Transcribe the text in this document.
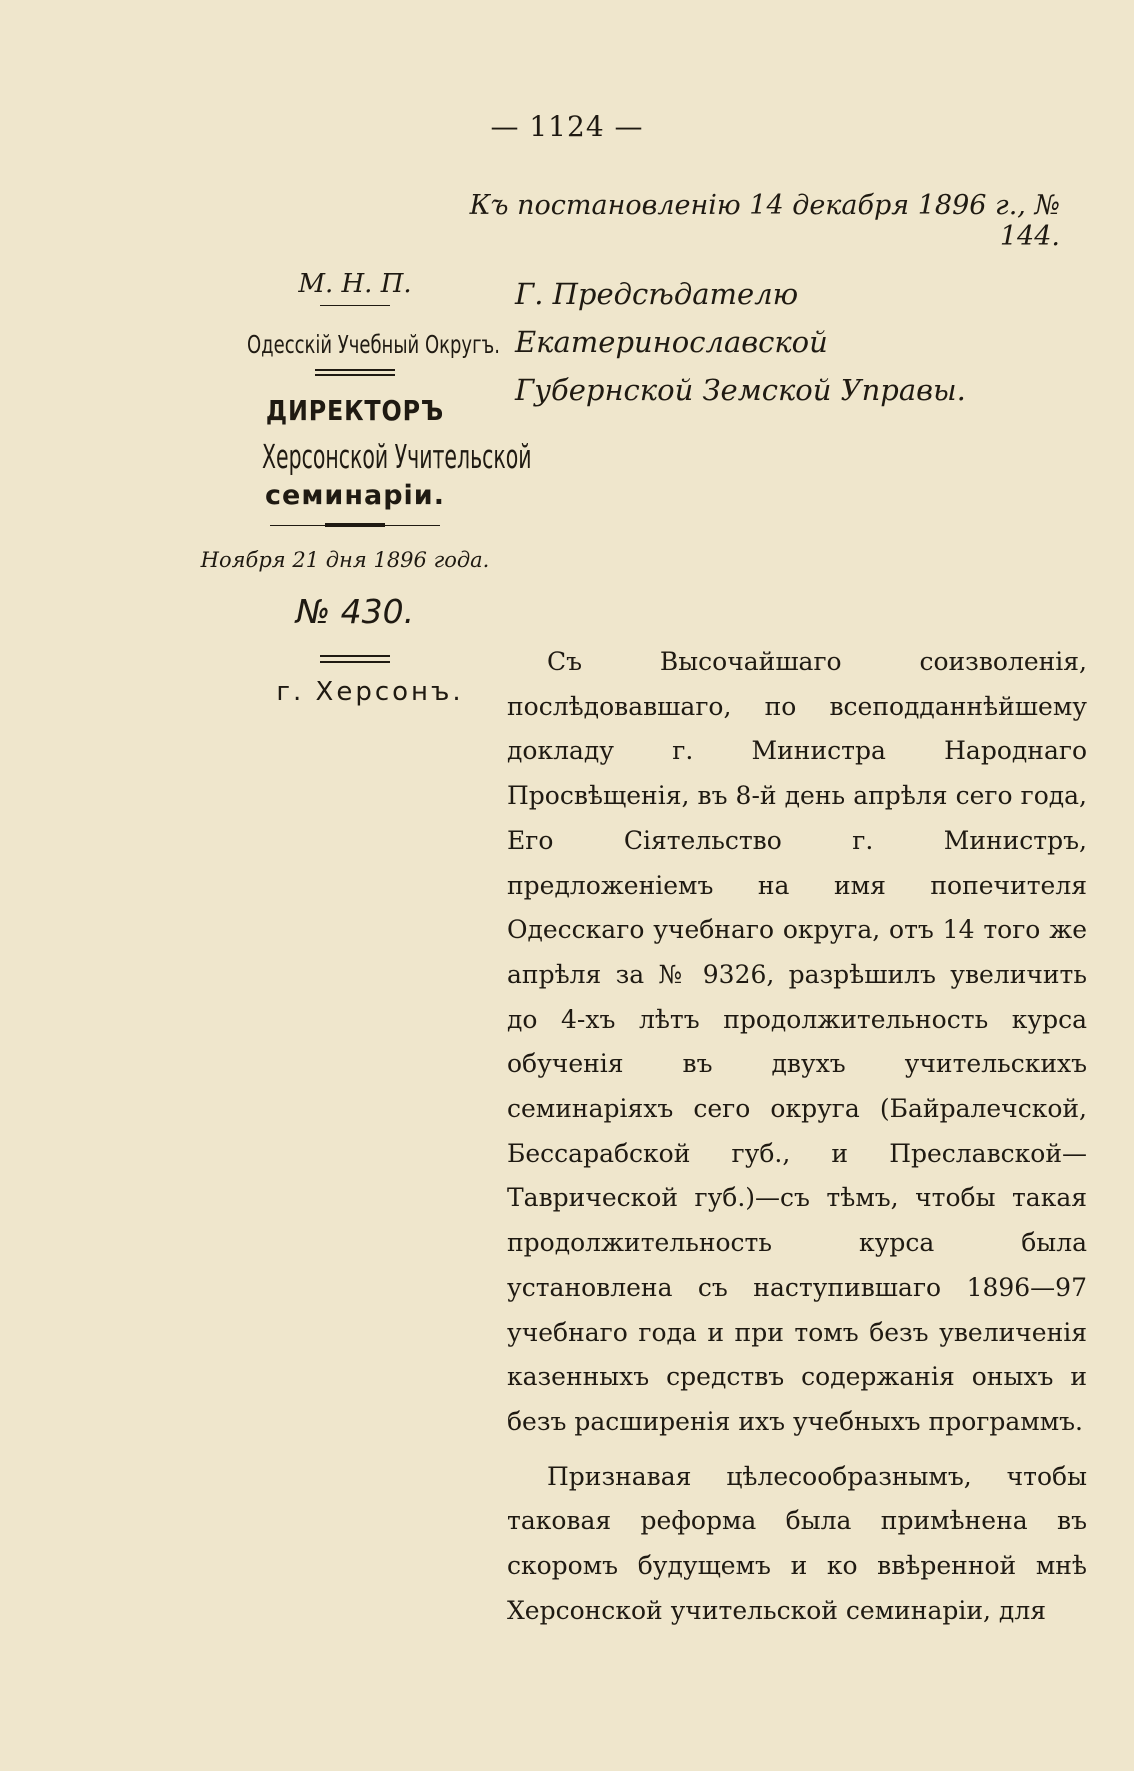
— 1124 —
Къ постановленію 14 декабря 1896 г., № 144.
М. Н. П.
Одесскій Учебный Округъ.
ДИРЕКТОРЪ
Херсонской Учительской
семинаріи.
Ноября 21 дня 1896 года.
№ 430.
г. Херсонъ.
Г. Предсѣдателю Екатеринославской
Губернской Земской Управы.

Съ Высочайшаго соизволенія, послѣдовавшаго, по всеподданнѣйшему докладу г. Министра Народнаго Просвѣщенія, въ 8-й день апрѣля сего года, Его Сіятельство г. Министръ, предложеніемъ на имя попечителя Одесскаго учебнаго округа, отъ 14 того же апрѣля за № 9326, разрѣшилъ увеличить до 4-хъ лѣтъ продолжительность курса обученія въ двухъ учительскихъ семинаріяхъ сего округа (Байралечской, Бессарабской губ., и Преславской—Таврической губ.)—съ тѣмъ, чтобы такая продолжительность курса была установлена съ наступившаго 1896—97 учебнаго года и при томъ безъ увеличенія казенныхъ средствъ содержанія оныхъ и безъ расширенія ихъ учебныхъ программъ.

Признавая цѣлесообразнымъ, чтобы таковая реформа была примѣнена въ скоромъ будущемъ и ко ввѣренной мнѣ Херсонской учительской семинаріи, для
